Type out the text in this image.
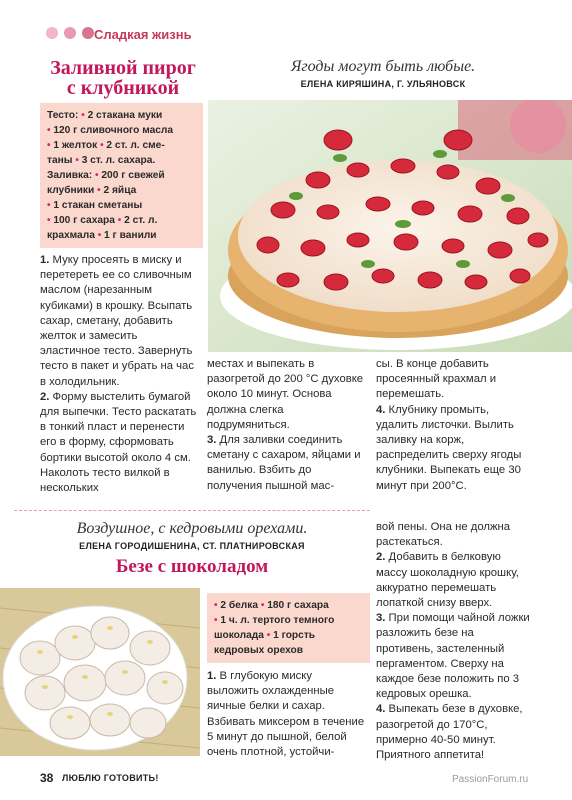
Сладкая жизнь
Заливной пирог
с клубникой
Ягоды могут быть любые.
ЕЛЕНА КИРЯШИНА, Г. УЛЬЯНОВСК
Тесто: • 2 стакана муки
• 120 г сливочного масла
• 1 желток • 2 ст. л. сме-
таны • 3 ст. л. сахара.
Заливка: • 200 г свежей
клубники • 2 яйца
• 1 стакан сметаны
• 100 г сахара • 2 ст. л.
крахмала • 1 г ванили

1. Муку просеять в миску и перетереть ее со сливочным маслом (нарезанным кубиками) в крошку. Всыпать сахар, сметану, добавить желток и замесить эластичное тесто. Завернуть тесто в пакет и убрать на час в холодильник.

2. Форму выстелить бумагой для выпечки. Тесто раскатать в тонкий пласт и перенести его в форму, сформовать бортики высотой около 4 см. Наколоть тесто вилкой в нескольких

местах и выпекать в разогретой до 200 °С духовке около 10 минут. Основа должна слегка подрумяниться.

3. Для заливки соединить сметану с сахаром, яйцами и ванилью. Взбить до получения пышной мас-

сы. В конце добавить просеянный крахмал и перемешать.

4. Клубнику промыть, удалить листочки. Вылить заливку на корж, распределить сверху ягоды клубники. Выпекать еще 30 минут при 200°С.

Воздушное, с кедровыми орехами.
ЕЛЕНА ГОРОДИШЕНИНА, СТ. ПЛАТНИРОВСКАЯ
Безе с шоколадом
• 2 белка • 180 г сахара
• 1 ч. л. тертого темного
шоколада • 1 горсть
кедровых орехов

1. В глубокую миску выложить охлажденные яичные белки и сахар. Взбивать миксером в течение 5 минут до пышной, белой очень плотной, устойчи-

вой пены. Она не должна растекаться.

2. Добавить в белковую массу шоколадную крошку, аккуратно перемешать лопаткой снизу вверх.

3. При помощи чайной ложки разложить безе на противень, застеленный пергаментом. Сверху на каждое безе положить по 3 кедровых орешка.

4. Выпекать безе в духовке, разогретой до 170°С, примерно 40-50 минут. Приятного аппетита!

38 ЛЮБЛЮ ГОТОВИТЬ!	PassionForum.ru
